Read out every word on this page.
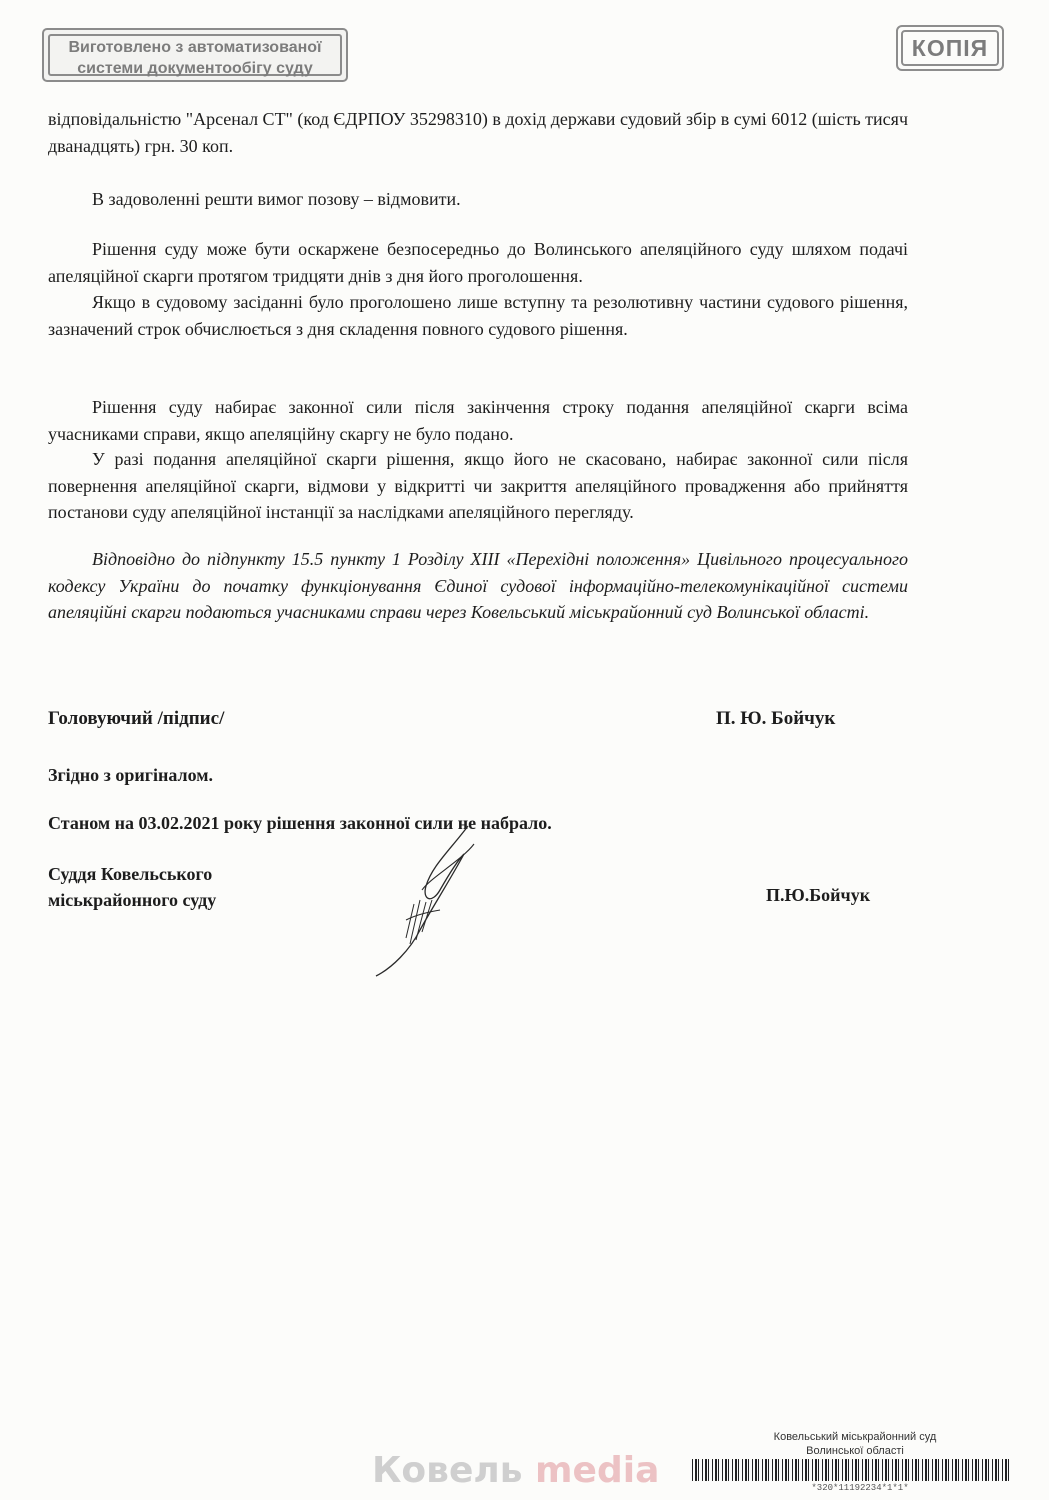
Виготовлено з автоматизованої
системи документообігу суду
КОПІЯ
відповідальністю "Арсенал СТ" (код ЄДРПОУ 35298310) в дохід держави судовий збір в сумі 6012 (шість тисяч дванадцять) грн. 30 коп.
В задоволенні решти вимог позову – відмовити.
Рішення суду може бути оскаржене безпосередньо до Волинського апеляційного суду шляхом подачі апеляційної скарги протягом тридцяти днів з дня його проголошення.
Якщо в судовому засіданні було проголошено лише вступну та резолютивну частини судового рішення, зазначений строк обчислюється з дня складення повного судового рішення.
Рішення суду набирає законної сили після закінчення строку подання апеляційної скарги всіма учасниками справи, якщо апеляційну скаргу не було подано.
У разі подання апеляційної скарги рішення, якщо його не скасовано, набирає законної сили після повернення апеляційної скарги, відмови у відкритті чи закриття апеляційного провадження або прийняття постанови суду апеляційної інстанції за наслідками апеляційного перегляду.
Відповідно до підпункту 15.5 пункту 1 Розділу XIII «Перехідні положення» Цивільного процесуального кодексу України до початку функціонування Єдиної судової інформаційно-телекомунікаційної системи апеляційні скарги подаються учасниками справи через Ковельський міськрайонний суд Волинської області.
Головуючий /підпис/	П. Ю. Бойчук
Згідно з оригіналом.
Станом на 03.02.2021 року рішення законної сили не набрало.
Суддя Ковельського
міськрайонного суду	П.Ю.Бойчук
Ковельський міськрайонний суд
Волинської області
*320*11192234*1*1*
Ковель media
